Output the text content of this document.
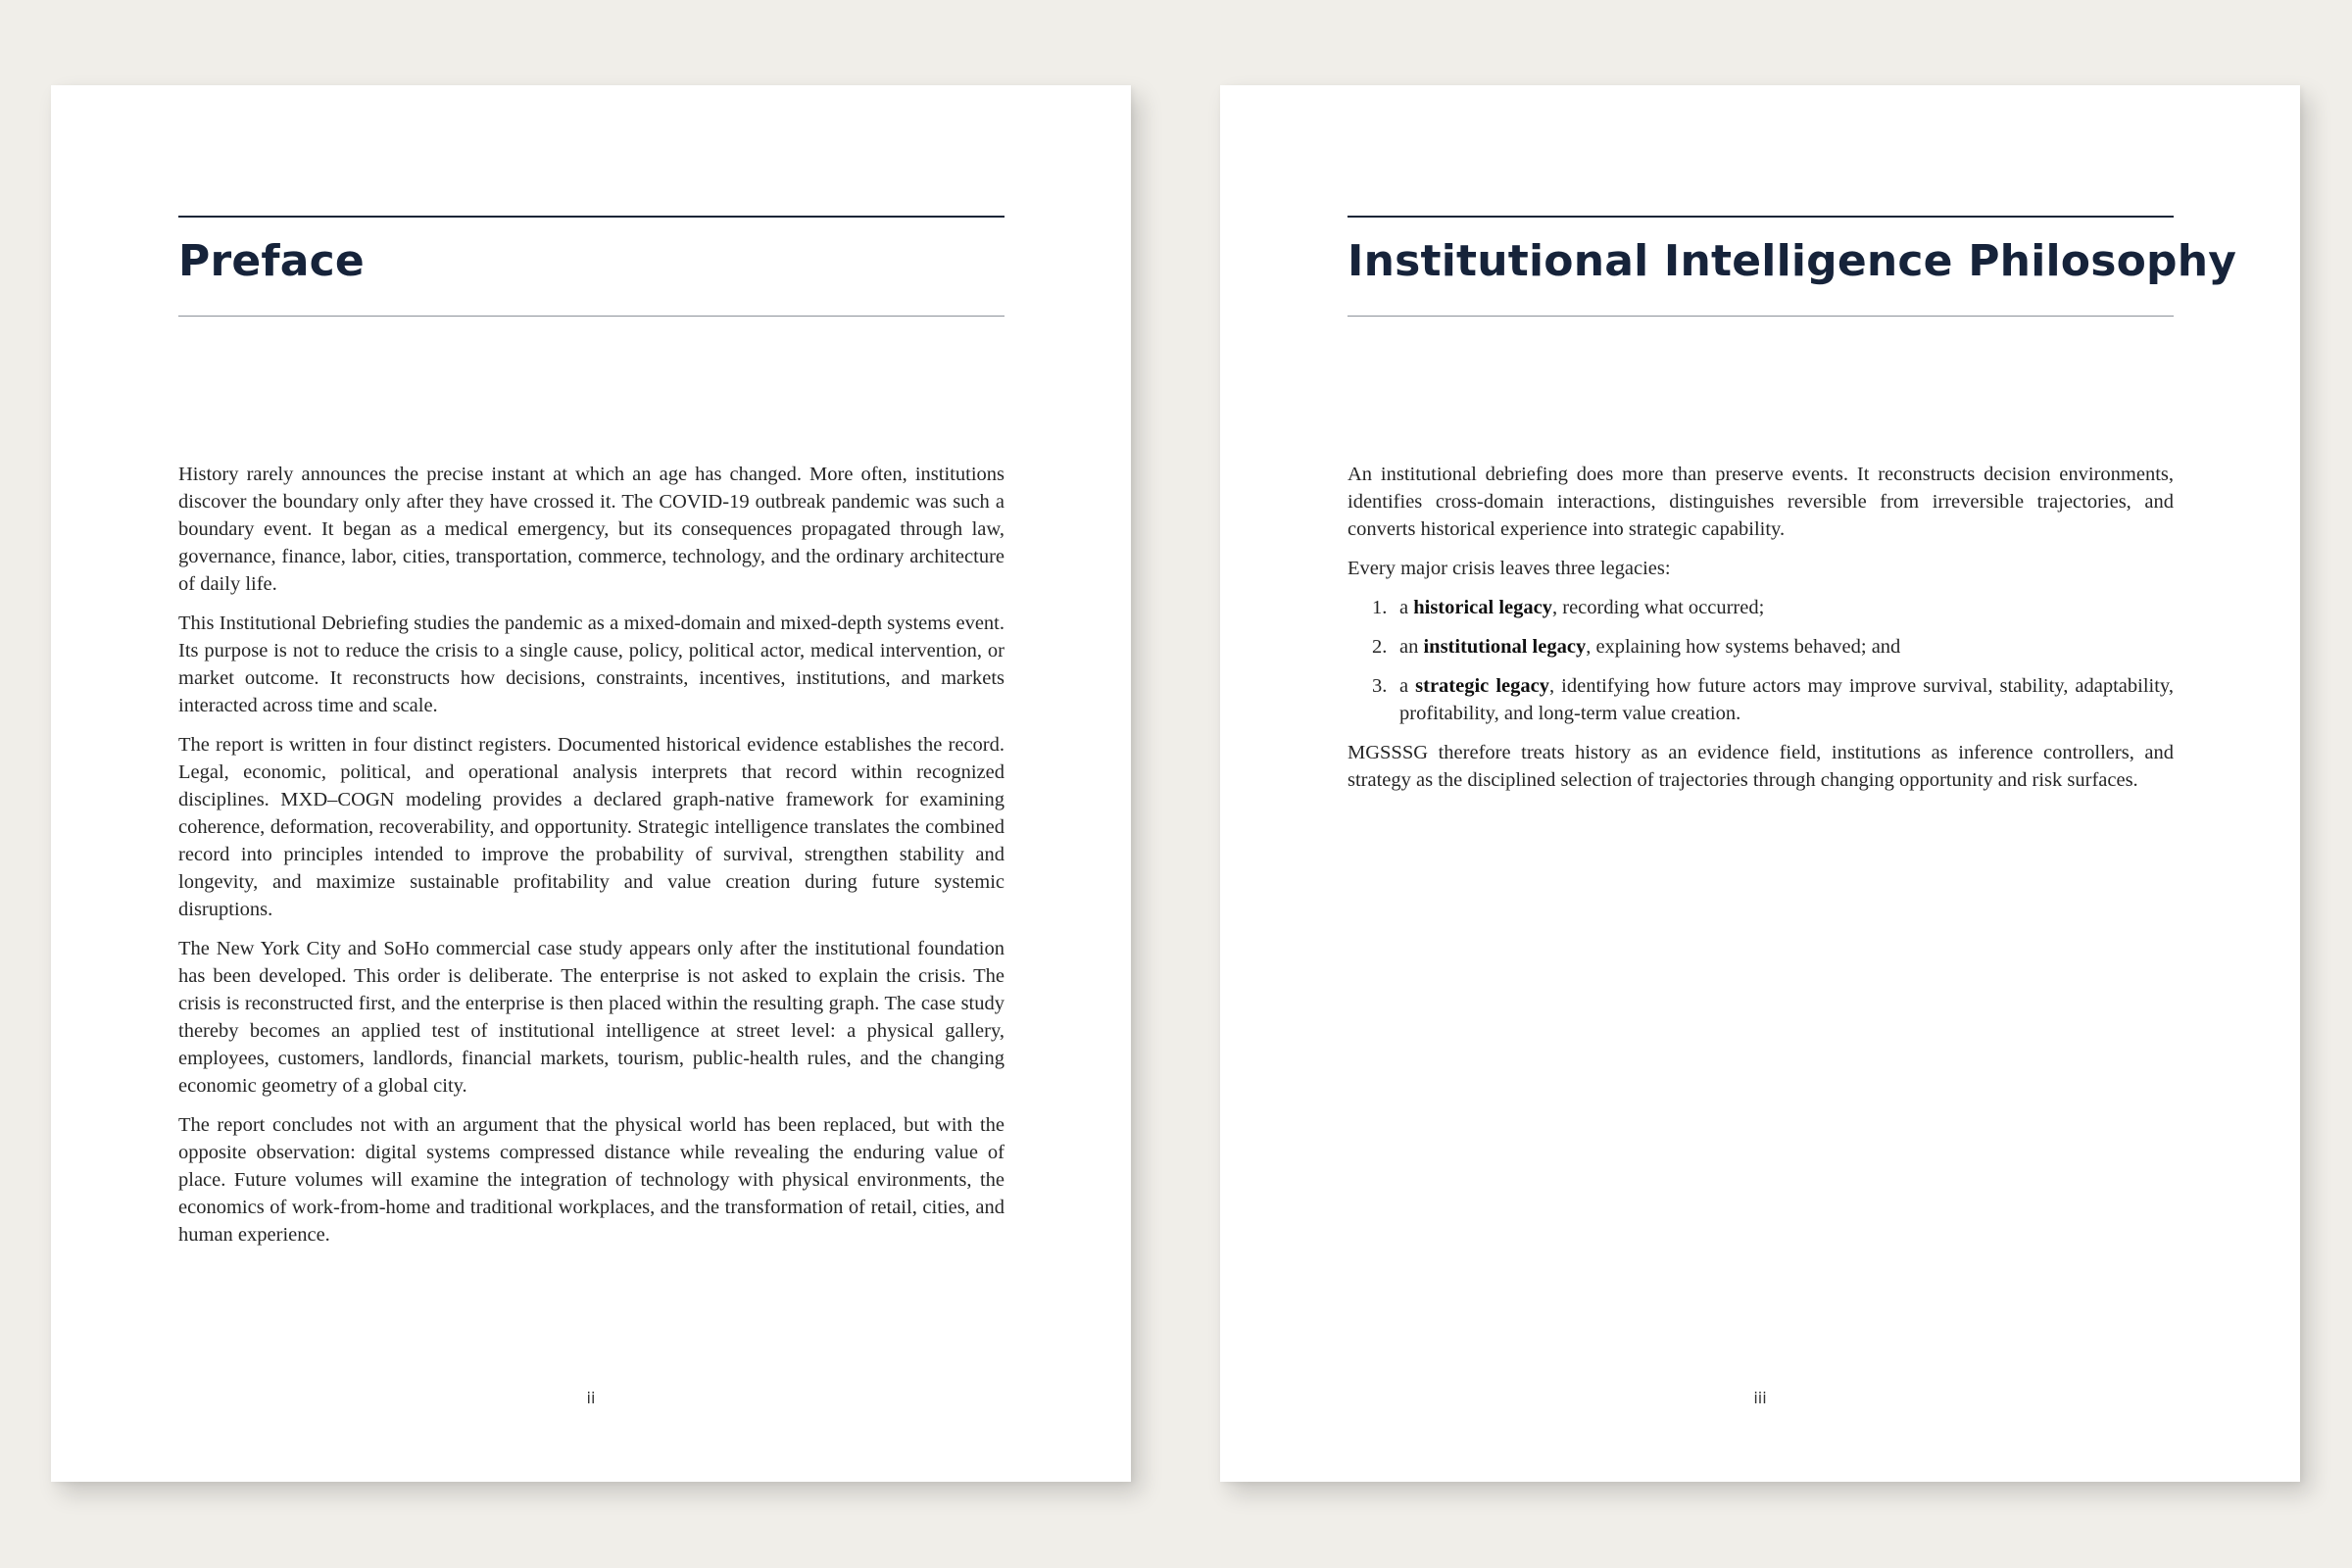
Preface

History rarely announces the precise instant at which an age has changed. More often, institutions discover the boundary only after they have crossed it. The COVID-19 outbreak pandemic was such a boundary event. It began as a medical emergency, but its consequences propagated through law, governance, finance, labor, cities, transportation, commerce, technology, and the ordinary architecture of daily life.

This Institutional Debriefing studies the pandemic as a mixed-domain and mixed-depth systems event. Its purpose is not to reduce the crisis to a single cause, policy, political actor, medical intervention, or market outcome. It reconstructs how decisions, constraints, incentives, institutions, and markets interacted across time and scale.

The report is written in four distinct registers. Documented historical evidence establishes the record. Legal, economic, political, and operational analysis interprets that record within recognized disciplines. MXD–COGN modeling provides a declared graph-native framework for examining coherence, deformation, recoverability, and opportunity. Strategic intelligence translates the combined record into principles intended to improve the probability of survival, strengthen stability and longevity, and maximize sustainable profitability and value creation during future systemic disruptions.

The New York City and SoHo commercial case study appears only after the institutional foundation has been developed. This order is deliberate. The enterprise is not asked to explain the crisis. The crisis is reconstructed first, and the enterprise is then placed within the resulting graph. The case study thereby becomes an applied test of institutional intelligence at street level: a physical gallery, employees, customers, landlords, financial markets, tourism, public-health rules, and the changing economic geometry of a global city.

The report concludes not with an argument that the physical world has been replaced, but with the opposite observation: digital systems compressed distance while revealing the enduring value of place. Future volumes will examine the integration of technology with physical environments, the economics of work-from-home and traditional workplaces, and the transformation of retail, cities, and human experience.

ii
Institutional Intelligence Philosophy

An institutional debriefing does more than preserve events. It reconstructs decision environments, identifies cross-domain interactions, distinguishes reversible from irreversible trajectories, and converts historical experience into strategic capability.

Every major crisis leaves three legacies:

1. a historical legacy, recording what occurred;
2. an institutional legacy, explaining how systems behaved; and
3. a strategic legacy, identifying how future actors may improve survival, stability, adaptability, profitability, and long-term value creation.

MGSSSG therefore treats history as an evidence field, institutions as inference controllers, and strategy as the disciplined selection of trajectories through changing opportunity and risk surfaces.

iii
